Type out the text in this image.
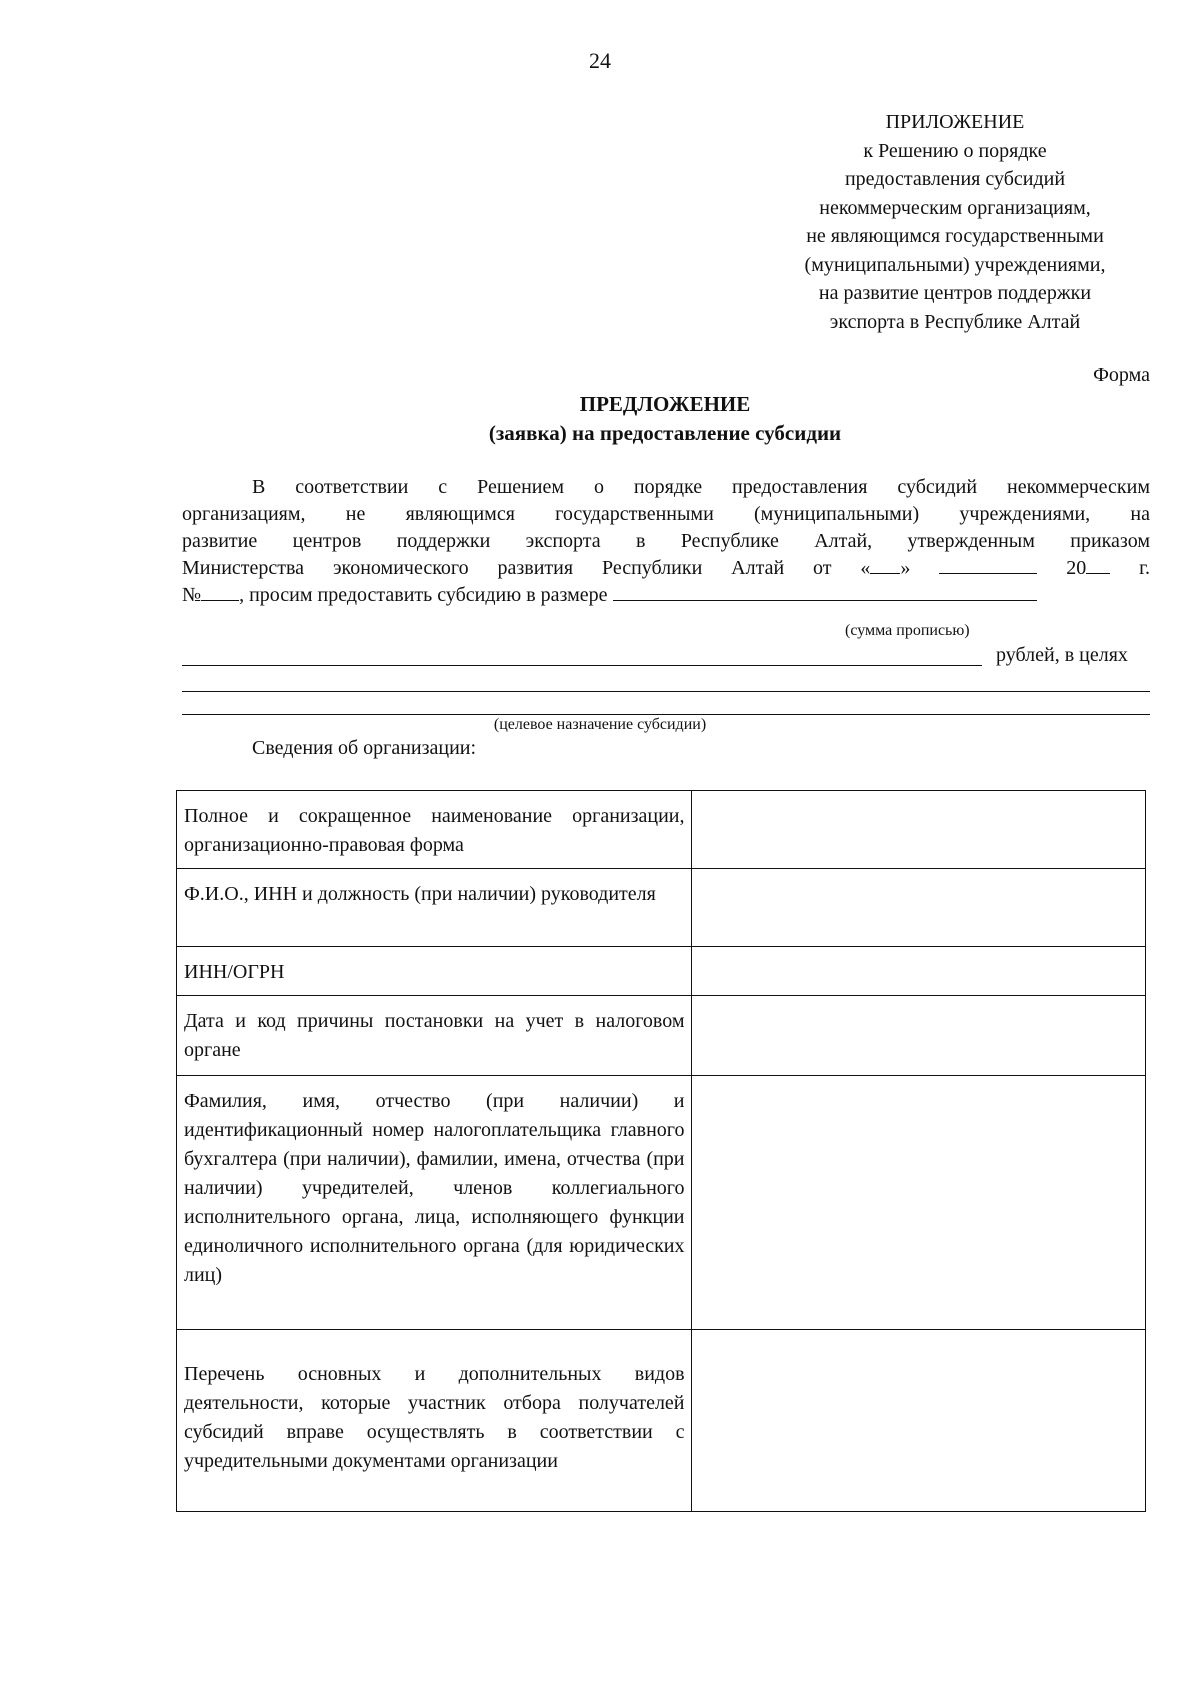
24
ПРИЛОЖЕНИЕ
к Решению о порядке
предоставления субсидий
некоммерческим организациям,
не являющимся государственными
(муниципальными) учреждениями,
на развитие центров поддержки
экспорта в Республике Алтай
Форма
ПРЕДЛОЖЕНИЕ
(заявка) на предоставление субсидии
В соответствии с Решением о порядке предоставления субсидий некоммерческим
организациям, не являющимся государственными (муниципальными) учреждениями, на
развитие центров поддержки экспорта в Республике Алтай, утвержденным приказом
Министерства экономического развития Республики Алтай от « »	20	г.
№ , просим предоставить субсидию в размере
(сумма прописью)
рублей, в целях
(целевое назначение субсидии)
Сведения об организации:
Полное и сокращенное наименование организации, организационно-правовая форма	
Ф.И.О., ИНН и должность (при наличии) руководителя	
ИНН/ОГРН	
Дата и код причины постановки на учет в налоговом органе	
Фамилия, имя, отчество (при наличии) и идентификационный номер налогоплательщика главного бухгалтера (при наличии), фамилии, имена, отчества (при наличии) учредителей, членов коллегиального исполнительного органа, лица, исполняющего функции единоличного исполнительного органа (для юридических лиц)	
Перечень основных и дополнительных видов деятельности, которые участник отбора получателей субсидий вправе осуществлять в соответствии с учредительными документами организации	
